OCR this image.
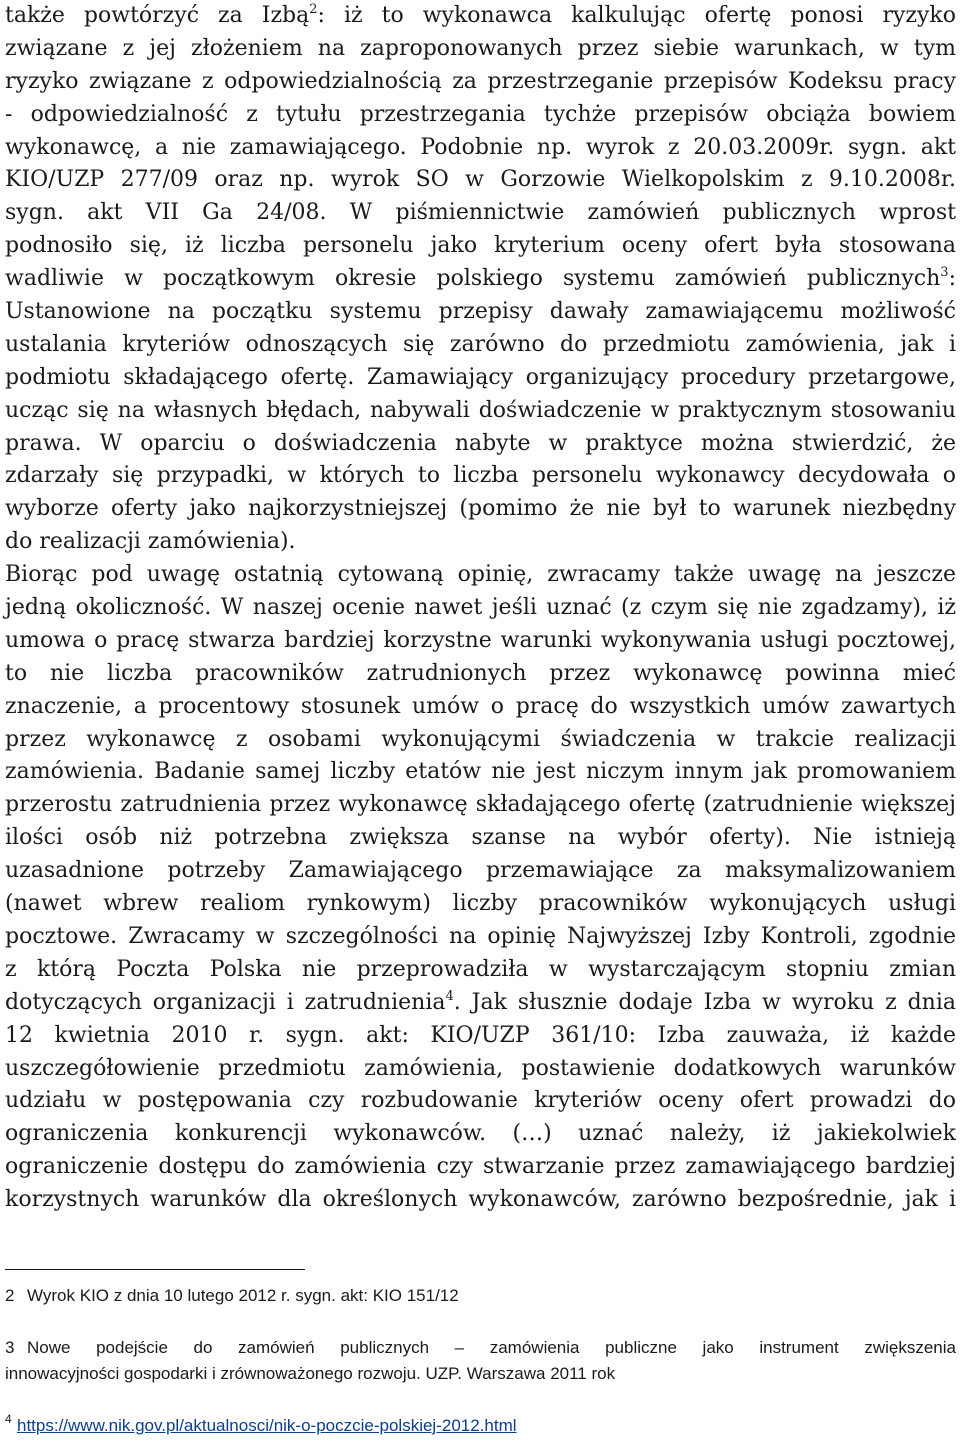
także powtórzyć za Izbą$^2$: iż to wykonawca kalkulując ofertę ponosi ryzyko
związane z jej złożeniem na zaproponowanych przez siebie warunkach, w tym
ryzyko związane z odpowiedzialnością za przestrzeganie przepisów Kodeksu pracy
- odpowiedzialność z tytułu przestrzegania tychże przepisów obciąża bowiem
wykonawcę, a nie zamawiającego. Podobnie np. wyrok z 20.03.2009r. sygn. akt
KIO/UZP 277/09 oraz np. wyrok SO w Gorzowie Wielkopolskim z 9.10.2008r.
sygn. akt VII Ga 24/08. W piśmiennictwie zamówień publicznych wprost
podnosiło się, iż liczba personelu jako kryterium oceny ofert była stosowana
wadliwie w początkowym okresie polskiego systemu zamówień publicznych$^3$:
Ustanowione na początku systemu przepisy dawały zamawiającemu możliwość
ustalania kryteriów odnoszących się zarówno do przedmiotu zamówienia, jak i
podmiotu składającego ofertę. Zamawiający organizujący procedury przetargowe,
ucząc się na własnych błędach, nabywali doświadczenie w praktycznym stosowaniu
prawa. W oparciu o doświadczenia nabyte w praktyce można stwierdzić, że
zdarzały się przypadki, w których to liczba personelu wykonawcy decydowała o
wyborze oferty jako najkorzystniejszej (pomimo że nie był to warunek niezbędny
do realizacji zamówienia).
Biorąc pod uwagę ostatnią cytowaną opinię, zwracamy także uwagę na jeszcze
jedną okoliczność. W naszej ocenie nawet jeśli uznać (z czym się nie zgadzamy), iż
umowa o pracę stwarza bardziej korzystne warunki wykonywania usługi pocztowej,
to nie liczba pracowników zatrudnionych przez wykonawcę powinna mieć
znaczenie, a procentowy stosunek umów o pracę do wszystkich umów zawartych
przez wykonawcę z osobami wykonującymi świadczenia w trakcie realizacji
zamówienia. Badanie samej liczby etatów nie jest niczym innym jak promowaniem
przerostu zatrudnienia przez wykonawcę składającego ofertę (zatrudnienie większej
ilości osób niż potrzebna zwiększa szanse na wybór oferty). Nie istnieją
uzasadnione potrzeby Zamawiającego przemawiające za maksymalizowaniem
(nawet wbrew realiom rynkowym) liczby pracowników wykonujących usługi
pocztowe. Zwracamy w szczególności na opinię Najwyższej Izby Kontroli, zgodnie
z którą Poczta Polska nie przeprowadziła w wystarczającym stopniu zmian
dotyczących organizacji i zatrudnienia$^4$. Jak słusznie dodaje Izba w wyroku z dnia
12 kwietnia 2010 r. sygn. akt: KIO/UZP 361/10: Izba zauważa, iż każde
uszczegółowienie przedmiotu zamówienia, postawienie dodatkowych warunków
udziału w postępowania czy rozbudowanie kryteriów oceny ofert prowadzi do
ograniczenia konkurencji wykonawców. (…) uznać należy, iż jakiekolwiek
ograniczenie dostępu do zamówienia czy stwarzanie przez zamawiającego bardziej
korzystnych warunków dla określonych wykonawców, zarówno bezpośrednie, jak i
2 Wyrok KIO z dnia 10 lutego 2012 r. sygn. akt: KIO 151/12
3 Nowe podejście do zamówień publicznych – zamówienia publiczne jako instrument zwiększenia
innowacyjności gospodarki i zrównoważonego rozwoju. UZP. Warszawa 2011 rok
4 https://www.nik.gov.pl/aktualnosci/nik-o-poczcie-polskiej-2012.html
